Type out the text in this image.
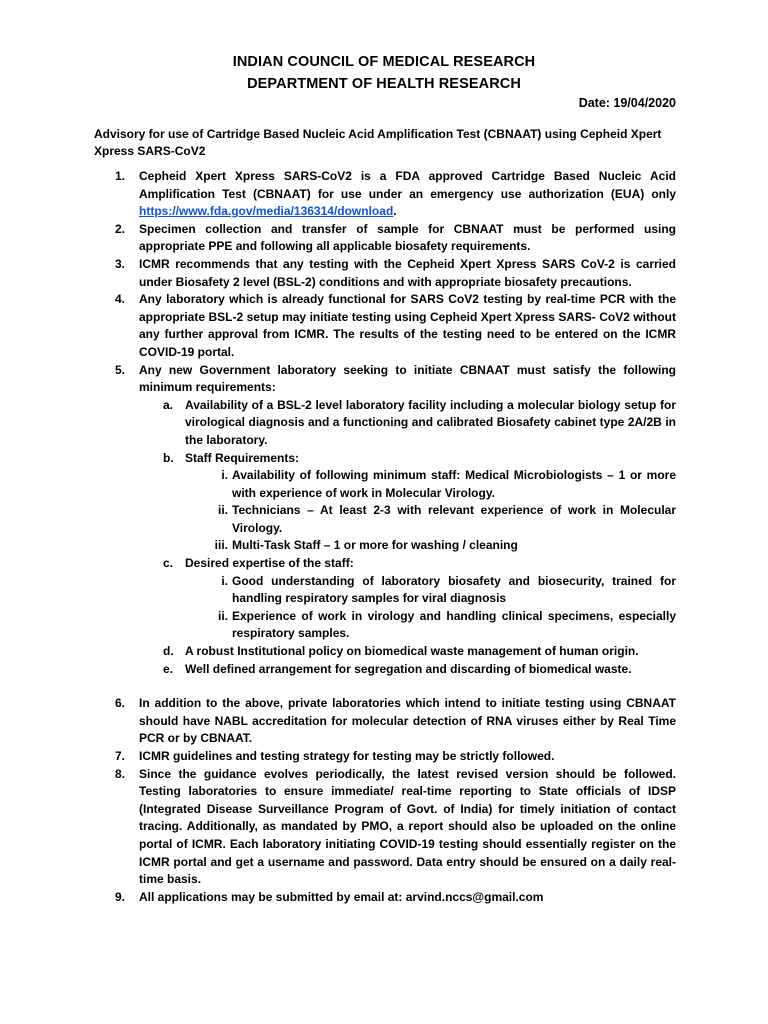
INDIAN COUNCIL OF MEDICAL RESEARCH
DEPARTMENT OF HEALTH RESEARCH
Date: 19/04/2020
Advisory for use of Cartridge Based Nucleic Acid Amplification Test (CBNAAT) using Cepheid Xpert Xpress SARS-CoV2
1.	Cepheid Xpert Xpress SARS-CoV2 is a FDA approved Cartridge Based Nucleic Acid Amplification Test (CBNAAT) for use under an emergency use authorization (EUA) only https://www.fda.gov/media/136314/download.
2.	Specimen collection and transfer of sample for CBNAAT must be performed using appropriate PPE and following all applicable biosafety requirements.
3.	ICMR recommends that any testing with the Cepheid Xpert Xpress SARS CoV-2 is carried under Biosafety 2 level (BSL-2) conditions and with appropriate biosafety precautions.
4.	Any laboratory which is already functional for SARS CoV2 testing by real-time PCR with the appropriate BSL-2 setup may initiate testing using Cepheid Xpert Xpress SARS- CoV2 without any further approval from ICMR. The results of the testing need to be entered on the ICMR COVID-19 portal.
5.	Any new Government laboratory seeking to initiate CBNAAT must satisfy the following minimum requirements:
a. Availability of a BSL-2 level laboratory facility including a molecular biology setup for virological diagnosis and a functioning and calibrated Biosafety cabinet type 2A/2B in the laboratory.
b. Staff Requirements:
i. Availability of following minimum staff: Medical Microbiologists – 1 or more with experience of work in Molecular Virology.
ii. Technicians – At least 2-3 with relevant experience of work in Molecular Virology.
iii. Multi-Task Staff – 1 or more for washing / cleaning
c. Desired expertise of the staff:
i. Good understanding of laboratory biosafety and biosecurity, trained for handling respiratory samples for viral diagnosis
ii. Experience of work in virology and handling clinical specimens, especially respiratory samples.
d. A robust Institutional policy on biomedical waste management of human origin.
e. Well defined arrangement for segregation and discarding of biomedical waste.
6.	In addition to the above, private laboratories which intend to initiate testing using CBNAAT should have NABL accreditation for molecular detection of RNA viruses either by Real Time PCR or by CBNAAT.
7.	ICMR guidelines and testing strategy for testing may be strictly followed.
8.	Since the guidance evolves periodically, the latest revised version should be followed. Testing laboratories to ensure immediate/ real-time reporting to State officials of IDSP (Integrated Disease Surveillance Program of Govt. of India) for timely initiation of contact tracing. Additionally, as mandated by PMO, a report should also be uploaded on the online portal of ICMR. Each laboratory initiating COVID-19 testing should essentially register on the ICMR portal and get a username and password. Data entry should be ensured on a daily real-time basis.
9.	All applications may be submitted by email at: arvind.nccs@gmail.com
